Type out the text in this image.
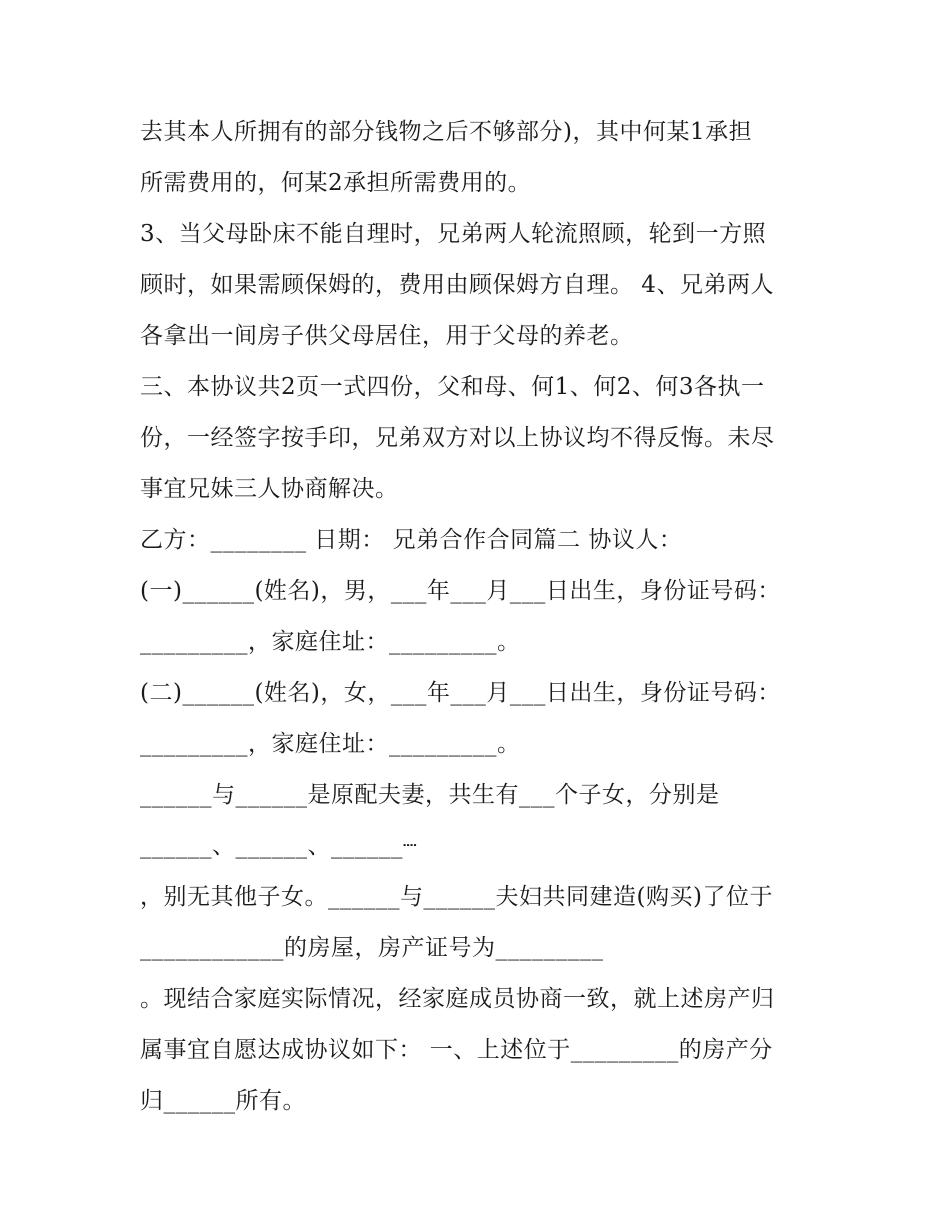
去其本人所拥有的部分钱物之后不够部分)，其中何某1承担
所需费用的，何某2承担所需费用的。
3、当父母卧床不能自理时，兄弟两人轮流照顾，轮到一方照
顾时，如果需顾保姆的，费用由顾保姆方自理。 4、兄弟两人
各拿出一间房子供父母居住，用于父母的养老。
三、本协议共2页一式四份，父和母、何1、何2、何3各执一
份，一经签字按手印，兄弟双方对以上协议均不得反悔。未尽
事宜兄妹三人协商解决。
乙方：________ 日期： 兄弟合作合同篇二 协议人：
(一)______(姓名)，男，___年___月___日出生，身份证号码：
_________，家庭住址：_________。
(二)______(姓名)，女，___年___月___日出生，身份证号码：
_________，家庭住址：_________。
______与______是原配夫妻，共生有___个子女，分别是
______、______、______┈
，别无其他子女。______与______夫妇共同建造(购买)了位于
____________的房屋，房产证号为_________
。现结合家庭实际情况，经家庭成员协商一致，就上述房产归
属事宜自愿达成协议如下： 一、上述位于_________的房产分
归______所有。
